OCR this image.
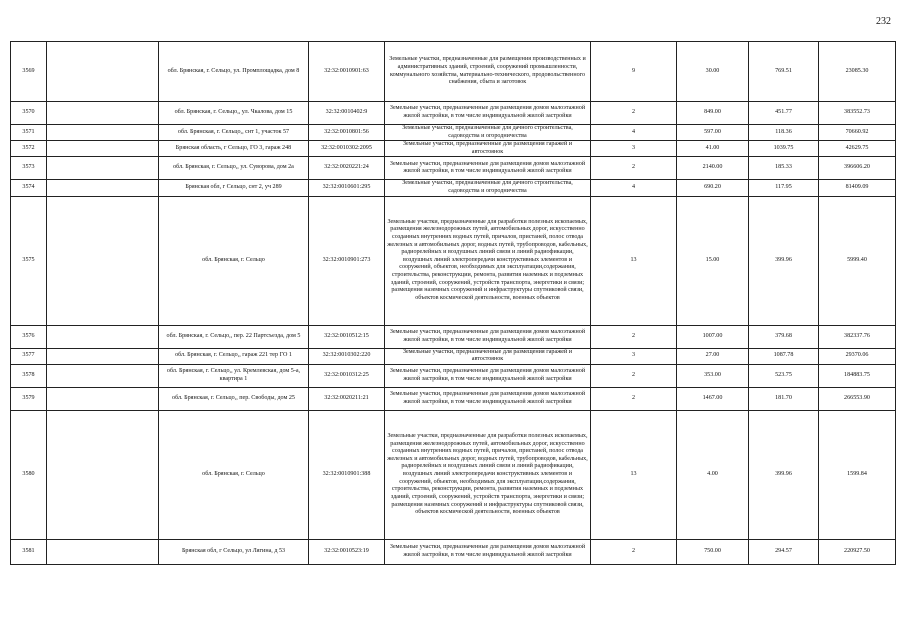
232
3569		обл. Брянская, г. Сельцо, ул. Промплощадка, дом 8	32:32:0010901:63	Земельные участки, предназначенные для размещения производственных и административных зданий, строений, сооружений промышленности, коммунального хозяйства, материально-технического, продовольственного снабжения, сбыта и заготовок	9	30.00	769.51	23085.30
3570		обл. Брянская, г. Сельцо,, ул. Чкалова, дом 15	32:32:0010402:9	Земельные участки, предназначенные для размещения домов малоэтажной жилой застройки, в том числе индивидуальной жилой застройки	2	849.00	451.77	383552.73
3571		обл. Брянская, г. Сельцо,, снт 1, участок 57	32:32:0010801:56	Земельные участки, предназначенные для дачного строительства, садоводства и огородничества	4	597.00	118.36	70660.92
3572		Брянская область, г Сельцо, ГО 3, гараж 248	32:32:0010302:2095	Земельные участки, предназначенные для размещения гаражей и автостоянок	3	41.00	1039.75	42629.75
3573		обл. Брянская, г. Сельцо,, ул. Суворова, дом 2а	32:32:0020221:24	Земельные участки, предназначенные для размещения домов малоэтажной жилой застройки, в том числе индивидуальной жилой застройки	2	2140.00	185.33	396606.20
3574		Брянская обл, г Сельцо, снт 2, уч 289	32:32:0010601:295	Земельные участки, предназначенные для дачного строительства, садоводства и огородничества	4	690.20	117.95	81409.09
3575		обл. Брянская, г. Сельцо	32:32:0010901:273	Земельные участки, предназначенные для разработки полезных ископаемых, размещения железнодорожных путей, автомобильных дорог, искусственно созданных внутренних водных путей, причалов, пристаней, полос отвода железных и автомобильных дорог, водных путей, трубопроводов, кабельных, радиорелейных и воздушных линий связи и линий радиофикации, воздушных линий электропередачи конструктивных элементов и сооружений, объектов, необходимых для эксплуатации,содержания, строительства, реконструкции, ремонта, развития наземных и подземных зданий, строений, сооружений, устройств транспорта, энергетики и связи; размещения наземных сооружений и инфраструктуры спутниковой связи, объектов космической деятельности, военных объектов	13	15.00	399.96	5999.40
3576		обл. Брянская, г. Сельцо,, пер. 22 Партсъезда, дом 5	32:32:0010512:15	Земельные участки, предназначенные для размещения домов малоэтажной жилой застройки, в том числе индивидуальной жилой застройки	2	1007.00	379.68	382337.76
3577		обл. Брянская, г. Сельцо,, гараж 221 тер ГО 1	32:32:0010302:220	Земельные участки, предназначенные для размещения гаражей и автостоянок	3	27.00	1087.78	29370.06
3578		обл. Брянская, г. Сельцо,, ул. Кремлевская, дом 5-а, квартира 1	32:32:0010312:25	Земельные участки, предназначенные для размещения домов малоэтажной жилой застройки, в том числе индивидуальной жилой застройки	2	353.00	523.75	184883.75
3579		обл. Брянская, г. Сельцо,, пер. Свободы, дом 25	32:32:0020211:21	Земельные участки, предназначенные для размещения домов малоэтажной жилой застройки, в том числе индивидуальной жилой застройки	2	1467.00	181.70	266553.90
3580		обл. Брянская, г. Сельцо	32:32:0010901:388	Земельные участки, предназначенные для разработки полезных ископаемых, размещения железнодорожных путей, автомобильных дорог, искусственно созданных внутренних водных путей, причалов, пристаней, полос отвода железных и автомобильных дорог, водных путей, трубопроводов, кабельных, радиорелейных и воздушных линий связи и линий радиофикации, воздушных линий электропередачи конструктивных элементов и сооружений, объектов, необходимых для эксплуатации,содержания, строительства, реконструкции, ремонта, развития наземных и подземных зданий, строений, сооружений, устройств транспорта, энергетики и связи; размещения наземных сооружений и инфраструктуры спутниковой связи, объектов космической деятельности, военных объектов	13	4.00	399.96	1599.84
3581		Брянская обл, г Сельцо, ул Лягина, д 53	32:32:0010523:19	Земельные участки, предназначенные для размещения домов малоэтажной жилой застройки, в том числе индивидуальной жилой застройки	2	750.00	294.57	220927.50
